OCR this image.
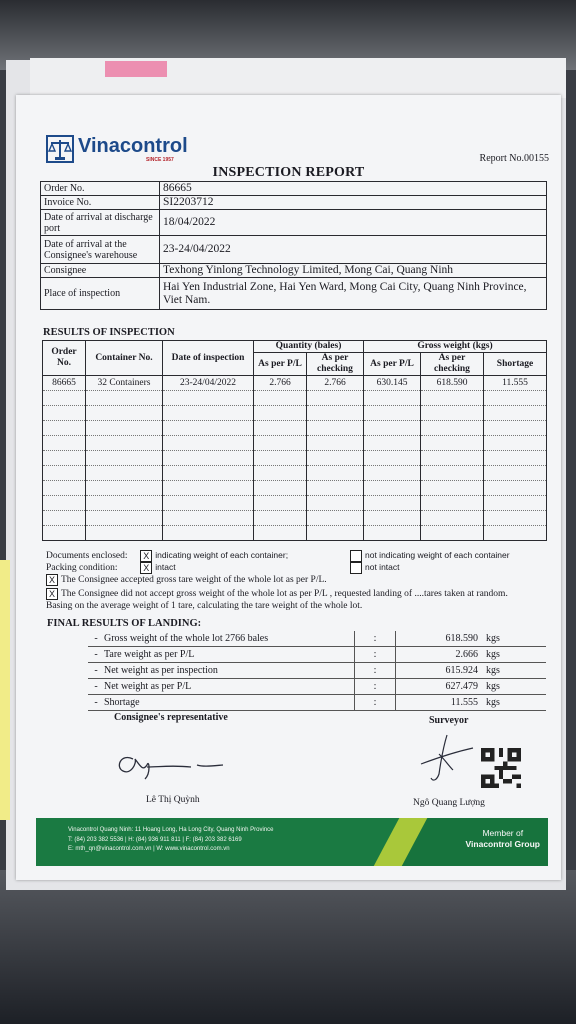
Vinacontrol
SINCE 1957	Report No.00155
INSPECTION REPORT
Order No.	86665
Invoice No.	SI2203712
Date of arrival at discharge port	18/04/2022
Date of arrival at the Consignee's warehouse	23-24/04/2022
Consignee	Texhong Yinlong Technology Limited, Mong Cai, Quang Ninh
Place of inspection	Hai Yen Industrial Zone, Hai Yen Ward, Mong Cai City, Quang Ninh Province, Viet Nam.
RESULTS OF INSPECTION
Order No.	Container No.	Date of inspection	Quantity (bales)		Gross weight (kgs)		
			As per P/L	As per checking	As per P/L	As per checking	Shortage
86665	32 Containers	23-24/04/2022	2.766	2.766	630.145	618.590	11.555

Documents enclosed: X indicating weight of each container;	not indicating weight of each container
Packing condition:	X intact	not intact
X The Consignee accepted gross tare weight of the whole lot as per P/L.
X The Consignee did not accept gross weight of the whole lot as per P/L , requested landing of ....tares taken at random. Basing on the average weight of 1 tare, calculating the tare weight of the whole lot.
FINAL RESULTS OF LANDING:
-	Gross weight of the whole lot 2766 bales	:	618.590	kgs
-	Tare weight as per P/L	:	2.666	kgs
-	Net weight as per inspection	:	615.924	kgs
-	Net weight as per P/L	:	627.479	kgs
-	Shortage	:	11.555	kgs
Consignee's representative	Surveyor
Lê Thị Quỳnh	Ngô Quang Lượng
Vinacontrol Quang Ninh: 11 Hoang Long, Ha Long City, Quang Ninh Province
T: (84) 203 382 5536 | H: (84) 936 911 811 | F: (84) 203 382 6169
E: mth_qn@vinacontrol.com.vn | W: www.vinacontrol.com.vn
Member of
Vinacontrol Group
